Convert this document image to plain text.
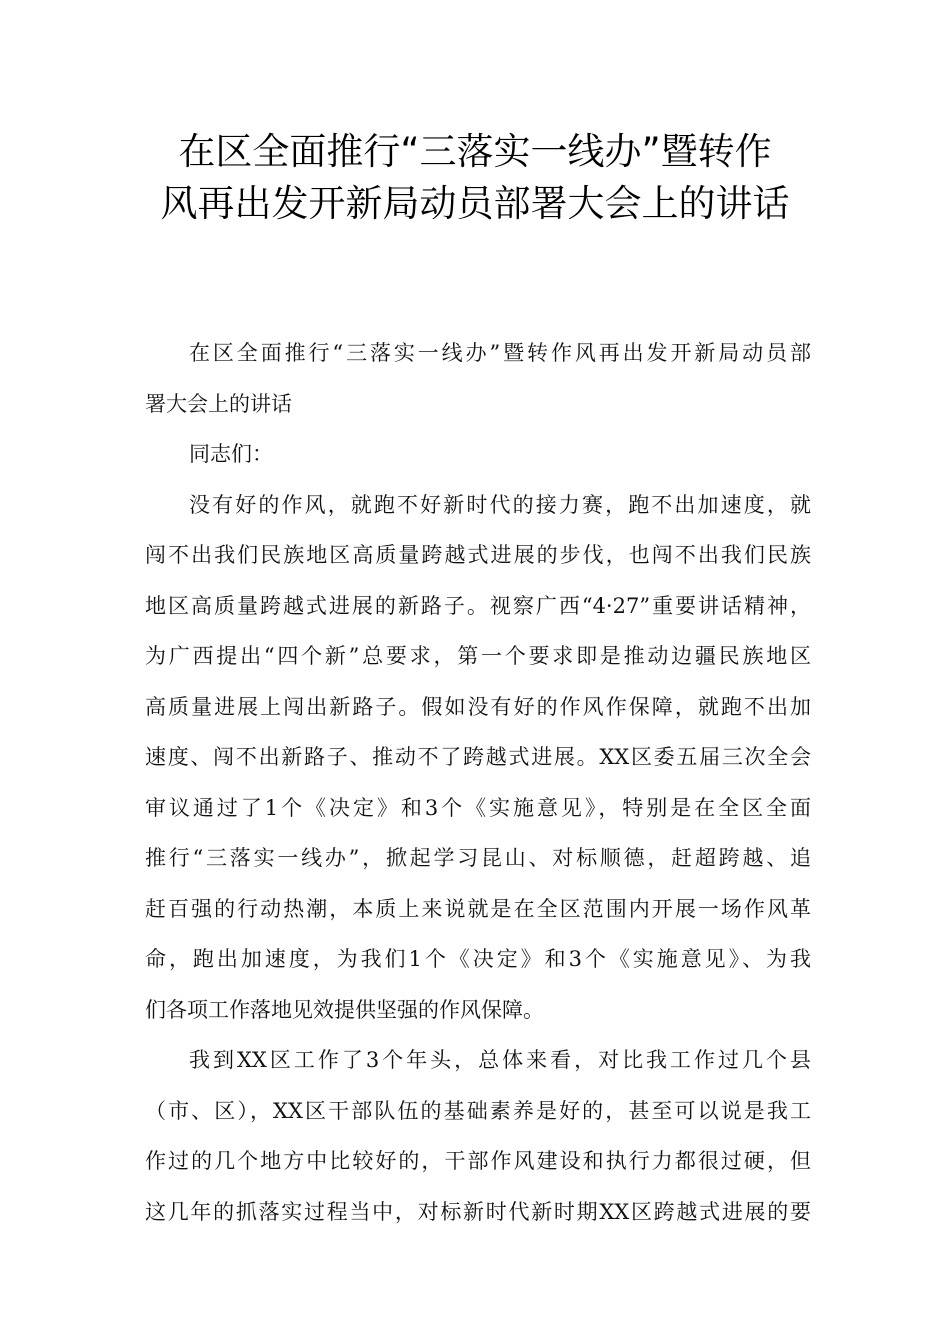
在区全面推行“三落实一线办”暨转作
风再出发开新局动员部署大会上的讲话
在区全面推行“三落实一线办”暨转作风再出发开新局动员部
署大会上的讲话
同志们：
没有好的作风，就跑不好新时代的接力赛，跑不出加速度，就
闯不出我们民族地区高质量跨越式进展的步伐，也闯不出我们民族
地区高质量跨越式进展的新路子。视察广西“4·27”重要讲话精神，
为广西提出“四个新”总要求，第一个要求即是推动边疆民族地区
高质量进展上闯出新路子。假如没有好的作风作保障，就跑不出加
速度、闯不出新路子、推动不了跨越式进展。XX区委五届三次全会
审议通过了1个《决定》和3个《实施意见》，特别是在全区全面
推行“三落实一线办”，掀起学习昆山、对标顺德，赶超跨越、追
赶百强的行动热潮，本质上来说就是在全区范围内开展一场作风革
命，跑出加速度，为我们1个《决定》和3个《实施意见》、为我
们各项工作落地见效提供坚强的作风保障。
我到XX区工作了3个年头，总体来看，对比我工作过几个县
（市、区），XX区干部队伍的基础素养是好的，甚至可以说是我工
作过的几个地方中比较好的，干部作风建设和执行力都很过硬，但
这几年的抓落实过程当中，对标新时代新时期XX区跨越式进展的要
